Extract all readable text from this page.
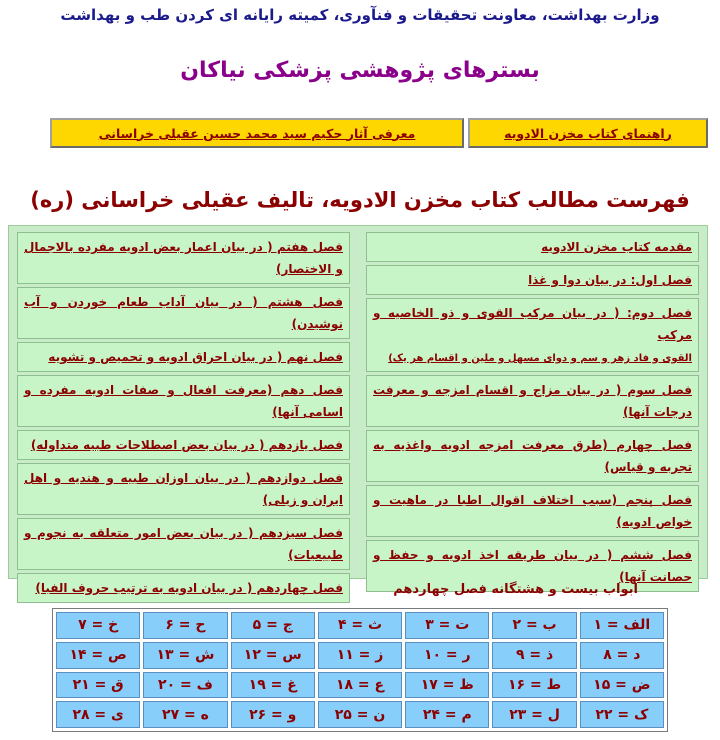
وزارت بهداشت، معاونت تحقیقات و فنآوری، کمیته رایانه ای کردن طب و بهداشت
بسترهای پژوهشی پزشکی نیاکان
راهنمای کتاب مخزن الادویه
معرفی آثار حکیم سید محمد حسین عقیلی خراسانی
فهرست مطالب کتاب مخزن الادویه، تالیف عقیلی خراسانی (ره)
مقدمه کتاب مخزن الادویه
فصل اول: در بیان دوا و غذا
فصل دوم: ( در بیان مرکب القوی و ذو الخاصیه و مرکب
القوی و فاد زهر و سم و دوای مسهل و ملین و اقسام هر یک)
فصل سوم ( در بیان مزاج و اقسام امزجه و معرفت درجات آنها)
فصل چهارم (طرق معرفت امزجه ادویه واغذیه به تجربه و قیاس)
فصل پنجم (سبب اختلاف اقوال اطبا در ماهیت و خواص ادویه)
فصل ششم ( در بیان طریقه اخذ ادویه و حفظ و حصانت آنها)
فصل هفتم ( در بیان اعمار بعض ادویه مفرده بالاجمال و الاختصار)
فصل هشتم ( در بیان آداب طعام خوردن و آب نوشیدن)
فصل نهم ( در بیان احراق ادویه و تحمیص و تشویه
فصل دهم (معرفت افعال و صفات ادویه مفرده و اسامی آنها)
فصل یازدهم ( در بیان بعض اصطلاحات طبیه متداوله)
فصل دوازدهم ( در بیان اوزان طبیه و هندیه و اهل ایران و زیلی)
فصل سیزدهم ( در بیان بعض امور متعلقه به نجوم و طبیعیات)
فصل چهاردهم ( در بیان ادویه به ترتیب حروف الفبا)	ابواب بیست و هشتگانه فصل چهاردهم
الف = ۱	ب = ۲	ت = ۳	ث = ۴	ج = ۵	ح = ۶	خ = ۷
د = ۸	ذ = ۹	ر = ۱۰	ز = ۱۱	س = ۱۲	ش = ۱۳	ص = ۱۴
ض = ۱۵	ط = ۱۶	ظ = ۱۷	ع = ۱۸	غ = ۱۹	ف = ۲۰	ق = ۲۱
ک = ۲۲	ل = ۲۳	م = ۲۴	ن = ۲۵	و = ۲۶	ه = ۲۷	ی = ۲۸
